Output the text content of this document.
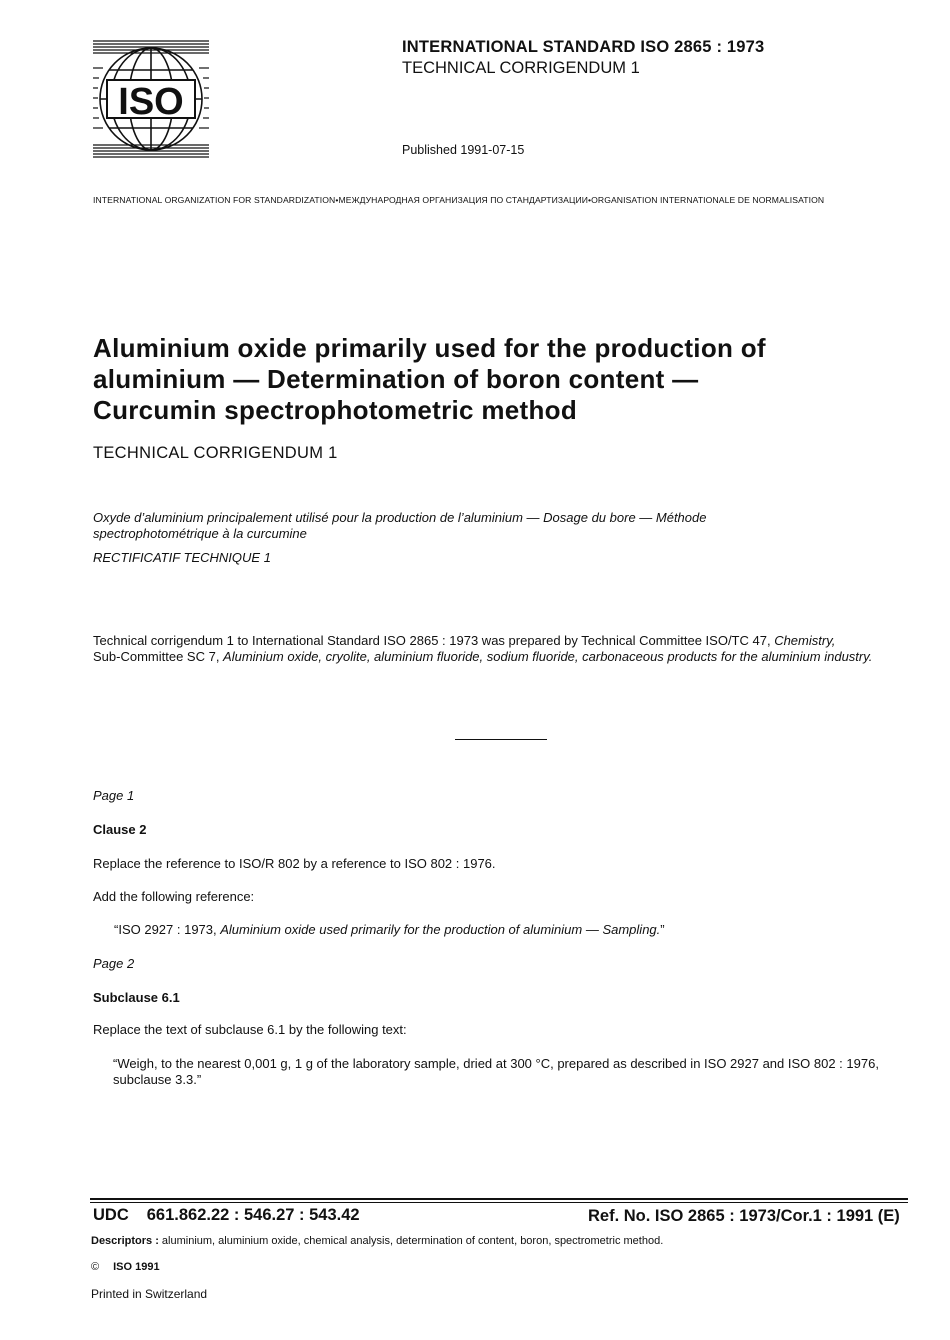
ISO
INTERNATIONAL STANDARD ISO 2865 : 1973
TECHNICAL CORRIGENDUM 1
Published 1991-07-15
INTERNATIONAL ORGANIZATION FOR STANDARDIZATION•МЕЖДУНАРОДНАЯ ОРГАНИЗАЦИЯ ПО СТАНДАРТИЗАЦИИ•ORGANISATION INTERNATIONALE DE NORMALISATION
Aluminium oxide primarily used for the production of
aluminium — Determination of boron content —
Curcumin spectrophotometric method
TECHNICAL CORRIGENDUM 1
Oxyde d’aluminium principalement utilisé pour la production de l’aluminium — Dosage du bore — Méthode
spectrophotométrique à la curcumine
RECTIFICATIF TECHNIQUE 1
Technical corrigendum 1 to International Standard ISO 2865 : 1973 was prepared by Technical Committee ISO/TC 47, Chemistry,
Sub-Committee SC 7, Aluminium oxide, cryolite, aluminium fluoride, sodium fluoride, carbonaceous products for the aluminium industry.
Page 1
Clause 2
Replace the reference to ISO/R 802 by a reference to ISO 802 : 1976.
Add the following reference:
“ISO 2927 : 1973, Aluminium oxide used primarily for the production of aluminium — Sampling.”
Page 2
Subclause 6.1
Replace the text of subclause 6.1 by the following text:
“Weigh, to the nearest 0,001 g, 1 g of the laboratory sample, dried at 300 °C, prepared as described in ISO 2927 and ISO 802 : 1976, subclause 3.3.”
UDC 661.862.22 : 546.27 : 543.42	Ref. No. ISO 2865 : 1973/Cor.1 : 1991 (E)
Descriptors : aluminium, aluminium oxide, chemical analysis, determination of content, boron, spectrometric method.
© ISO 1991
Printed in Switzerland
